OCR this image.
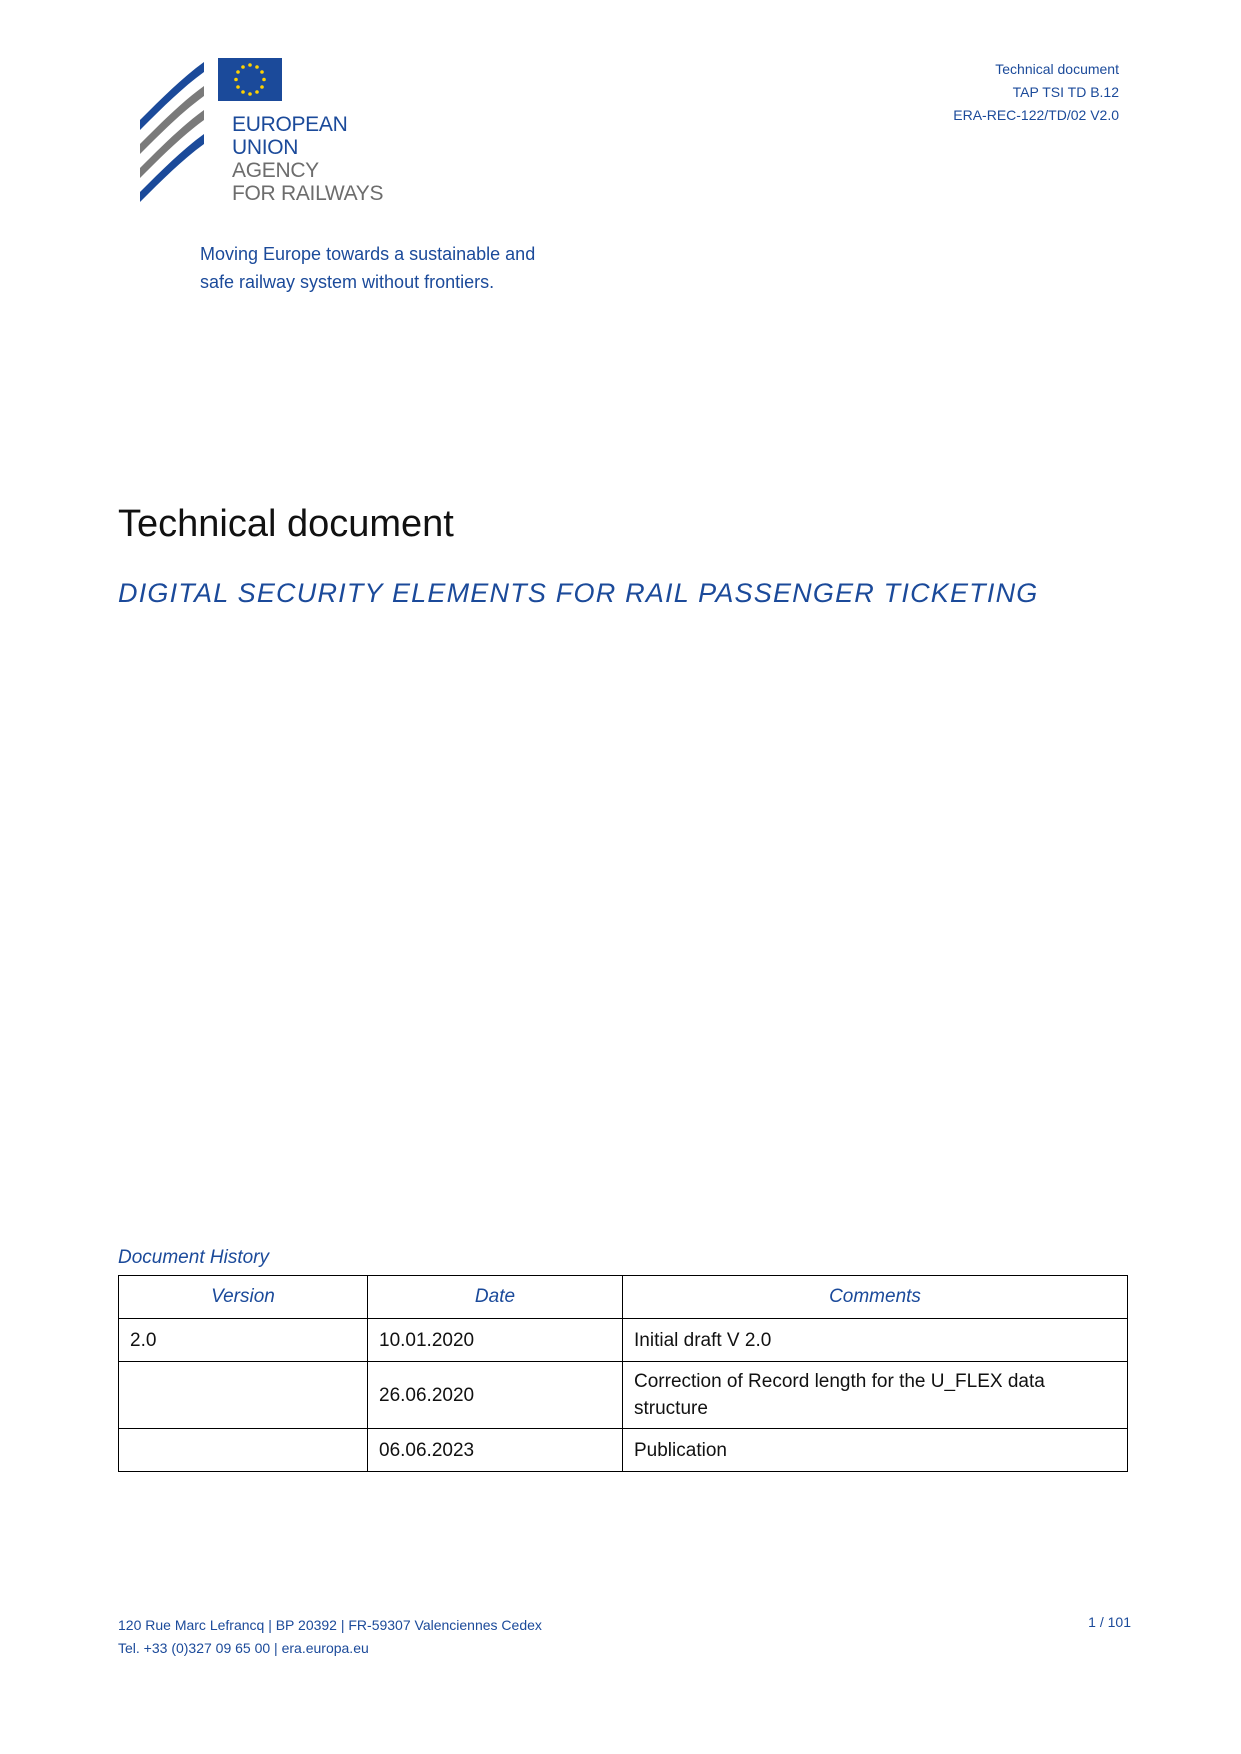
EUROPEAN
UNION
AGENCY
FOR RAILWAYS
Moving Europe towards a sustainable and
safe railway system without frontiers.
Technical document
TAP TSI TD B.12
ERA-REC-122/TD/02 V2.0
Technical document
DIGITAL SECURITY ELEMENTS FOR RAIL PASSENGER TICKETING
Document History
Version	Date	Comments
2.0	10.01.2020	Initial draft V 2.0
	26.06.2020	Correction of Record length for the U_FLEX data structure
	06.06.2023	Publication
120 Rue Marc Lefrancq | BP 20392 | FR-59307 Valenciennes Cedex
Tel. +33 (0)327 09 65 00 | era.europa.eu
1 / 101
